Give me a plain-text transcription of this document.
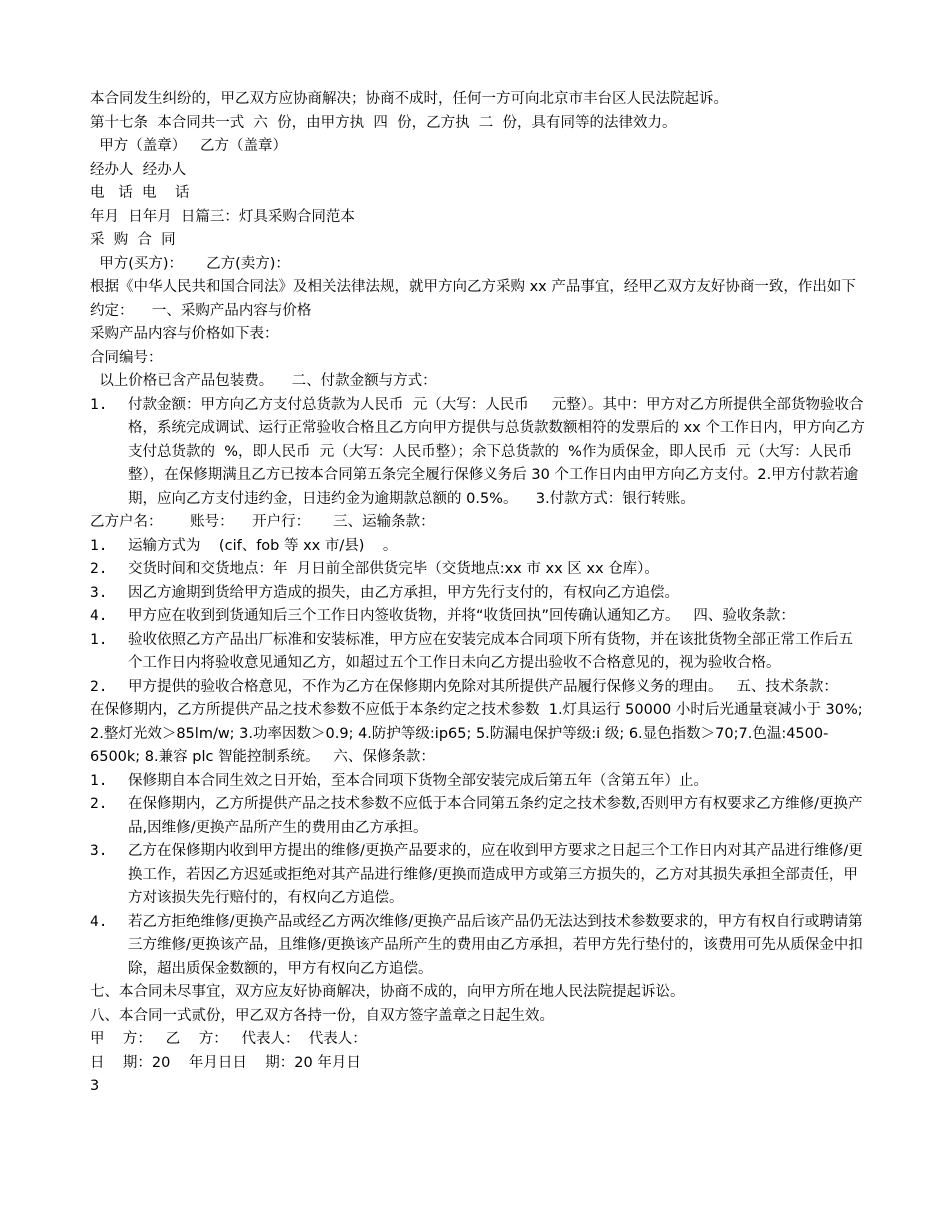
本合同发生纠纷的，甲乙双方应协商解决；协商不成时，任何一方可向北京市丰台区人民法院起诉。

第十七条  本合同共一式  六  份，由甲方执  四  份，乙方执  二  份，具有同等的法律效力。

甲方（盖章）   乙方（盖章）

经办人  经办人

电   话  电    话

年月  日年月  日篇三：灯具采购合同范本

采  购  合  同

甲方(买方)：     乙方(卖方)：

根据《中华人民共和国合同法》及相关法律法规，就甲方向乙方采购 xx 产品事宜，经甲乙双方友好协商一致，作出如下约定：    一、采购产品内容与价格

采购产品内容与价格如下表：

合同编号：

以上价格已含产品包装费。    二、付款金额与方式：

1.	付款金额：甲方向乙方支付总货款为人民币  元（大写：人民币     元整）。其中：甲方对乙方所提供全部货物验收合格，系统完成调试、运行正常验收合格且乙方向甲方提供与总货款数额相符的发票后的 xx 个工作日内，甲方向乙方支付总货款的  %，即人民币  元（大写：人民币整）；余下总货款的  %作为质保金，即人民币  元（大写：人民币     整），在保修期满且乙方已按本合同第五条完全履行保修义务后 30 个工作日内由甲方向乙方支付。2.甲方付款若逾期，应向乙方支付违约金，日违约金为逾期款总额的 0.5%。    3.付款方式：银行转账。

乙方户名：      账号：    开户行：     三、运输条款：

1.	运输方式为    (cif、fob 等 xx 市/县)    。
2.	交货时间和交货地点：年  月日前全部供货完毕（交货地点:xx 市 xx 区 xx 仓库）。
3.	因乙方逾期到货给甲方造成的损失，由乙方承担，甲方先行支付的，有权向乙方追偿。
4.	甲方应在收到到货通知后三个工作日内签收货物，并将“收货回执”回传确认通知乙方。   四、验收条款：
1.	验收依照乙方产品出厂标准和安装标准，甲方应在安装完成本合同项下所有货物，并在该批货物全部正常工作后五个工作日内将验收意见通知乙方，如超过五个工作日未向乙方提出验收不合格意见的，视为验收合格。
2.	甲方提供的验收合格意见，不作为乙方在保修期内免除对其所提供产品履行保修义务的理由。   五、技术条款：

在保修期内，乙方所提供产品之技术参数不应低于本条约定之技术参数  1.灯具运行 50000 小时后光通量衰减小于 30%; 2.整灯光效＞85lm/w; 3.功率因数＞0.9; 4.防护等级:ip65; 5.防漏电保护等级:i 级; 6.显色指数＞70;7.色温:4500-6500k; 8.兼容 plc 智能控制系统。   六、保修条款：

1.	保修期自本合同生效之日开始，至本合同项下货物全部安装完成后第五年（含第五年）止。
2.	在保修期内，乙方所提供产品之技术参数不应低于本合同第五条约定之技术参数,否则甲方有权要求乙方维修/更换产品,因维修/更换产品所产生的费用由乙方承担。
3.	乙方在保修期内收到甲方提出的维修/更换产品要求的，应在收到甲方要求之日起三个工作日内对其产品进行维修/更换工作，若因乙方迟延或拒绝对其产品进行维修/更换而造成甲方或第三方损失的，乙方对其损失承担全部责任，甲方对该损失先行赔付的，有权向乙方追偿。
4.	若乙方拒绝维修/更换产品或经乙方两次维修/更换产品后该产品仍无法达到技术参数要求的，甲方有权自行或聘请第三方维修/更换该产品，且维修/更换该产品所产生的费用由乙方承担，若甲方先行垫付的，该费用可先从质保金中扣除，超出质保金数额的，甲方有权向乙方追偿。

七、本合同未尽事宜，双方应友好协商解决，协商不成的，向甲方所在地人民法院提起诉讼。

八、本合同一式贰份，甲乙双方各持一份，自双方签字盖章之日起生效。

甲    方：   乙    方：   代表人：  代表人：

日    期：20    年月日日    期：20 年月日

3
